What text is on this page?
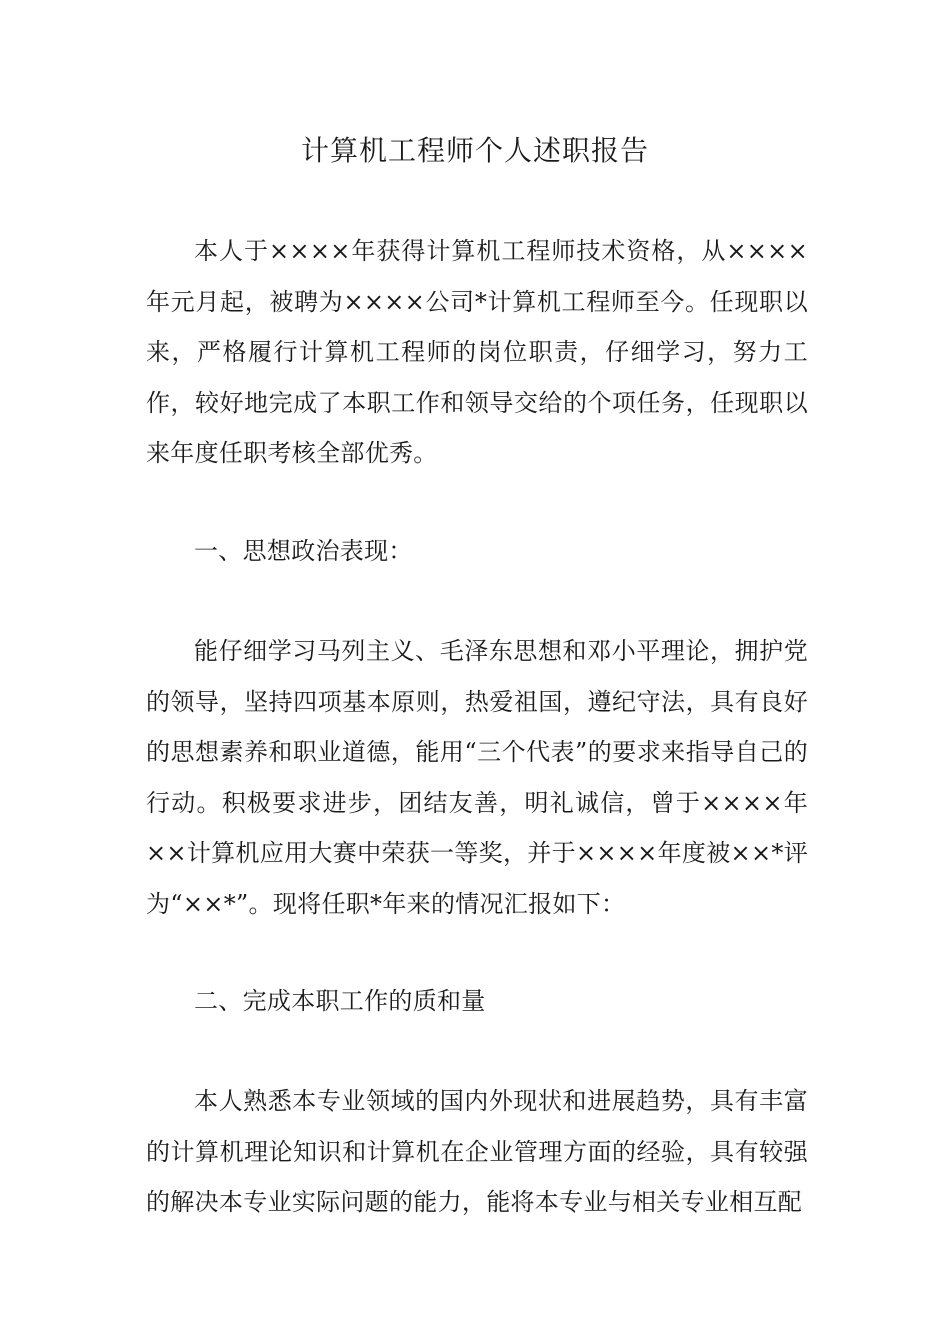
计算机工程师个人述职报告

本人于××××年获得计算机工程师技术资格，从××××年元月起，被聘为××××公司*计算机工程师至今。任现职以来，严格履行计算机工程师的岗位职责，仔细学习，努力工作，较好地完成了本职工作和领导交给的个项任务，任现职以来年度任职考核全部优秀。

一、思想政治表现：

能仔细学习马列主义、毛泽东思想和邓小平理论，拥护党的领导，坚持四项基本原则，热爱祖国，遵纪守法，具有良好的思想素养和职业道德，能用“三个代表”的要求来指导自己的行动。积极要求进步，团结友善，明礼诚信，曾于××××年××计算机应用大赛中荣获一等奖，并于××××年度被××*评为“××*”。现将任职*年来的情况汇报如下：

二、完成本职工作的质和量

本人熟悉本专业领域的国内外现状和进展趋势，具有丰富的计算机理论知识和计算机在企业管理方面的经验，具有较强的解决本专业实际问题的能力，能将本专业与相关专业相互配
